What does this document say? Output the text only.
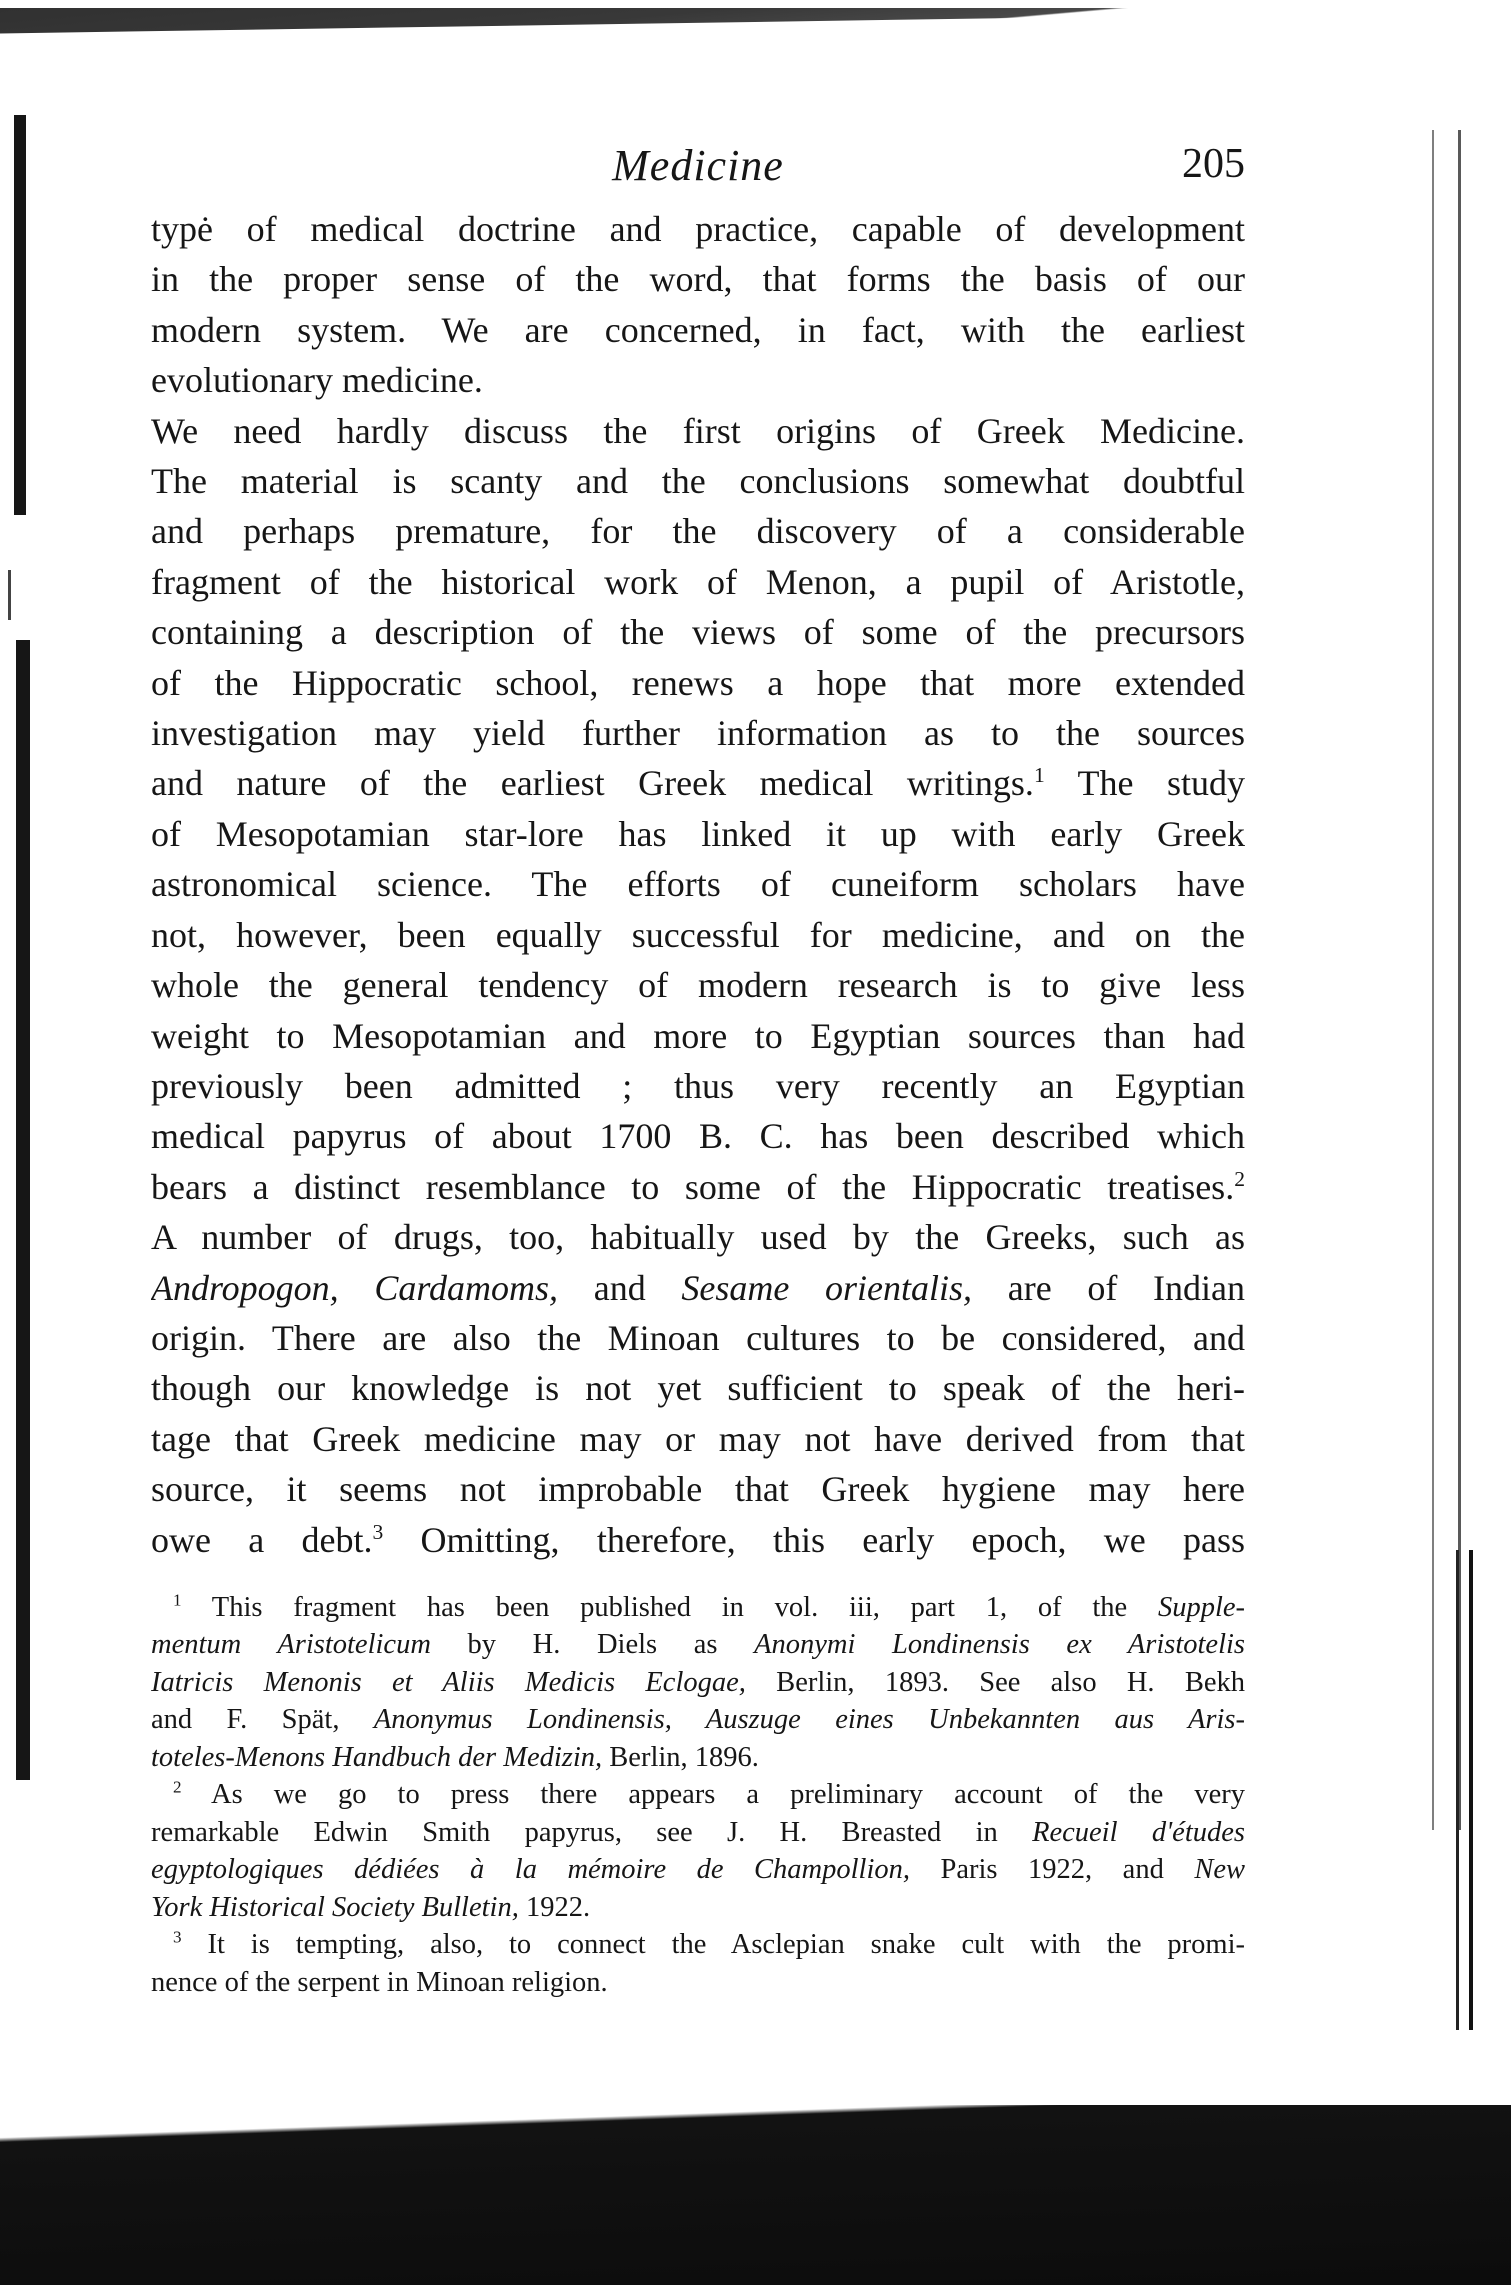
Medicine	205
typė of medical doctrine and practice, capable of development
in the proper sense of the word, that forms the basis of our
modern system. We are concerned, in fact, with the earliest
evolutionary medicine.
We need hardly discuss the first origins of Greek Medicine.
The material is scanty and the conclusions somewhat doubtful
and perhaps premature, for the discovery of a considerable
fragment of the historical work of Menon, a pupil of Aristotle,
containing a description of the views of some of the precursors
of the Hippocratic school, renews a hope that more extended
investigation may yield further information as to the sources
and nature of the earliest Greek medical writings.$^1$ The study
of Mesopotamian star-lore has linked it up with early Greek
astronomical science. The efforts of cuneiform scholars have
not, however, been equally successful for medicine, and on the
whole the general tendency of modern research is to give less
weight to Mesopotamian and more to Egyptian sources than had
previously been admitted ; thus very recently an Egyptian
medical papyrus of about 1700 B. C. has been described which
bears a distinct resemblance to some of the Hippocratic treatises.$^2$
A number of drugs, too, habitually used by the Greeks, such as
Andropogon, Cardamoms, and Sesame orientalis, are of Indian
origin. There are also the Minoan cultures to be considered, and
though our knowledge is not yet sufficient to speak of the heri-
tage that Greek medicine may or may not have derived from that
source, it seems not improbable that Greek hygiene may here
owe a debt.$^3$ Omitting, therefore, this early epoch, we pass
$^1$ This fragment has been published in vol. iii, part 1, of the Supple-
mentum Aristotelicum by H. Diels as Anonymi Londinensis ex Aristotelis
Iatricis Menonis et Aliis Medicis Eclogae, Berlin, 1893. See also H. Bekh
and F. Spät, Anonymus Londinensis, Auszuge eines Unbekannten aus Aris-
toteles-Menons Handbuch der Medizin, Berlin, 1896.
$^2$ As we go to press there appears a preliminary account of the very
remarkable Edwin Smith papyrus, see J. H. Breasted in Recueil d'études
egyptologiques dédiées à la mémoire de Champollion, Paris 1922, and New
York Historical Society Bulletin, 1922.
$^3$ It is tempting, also, to connect the Asclepian snake cult with the promi-
nence of the serpent in Minoan religion.
